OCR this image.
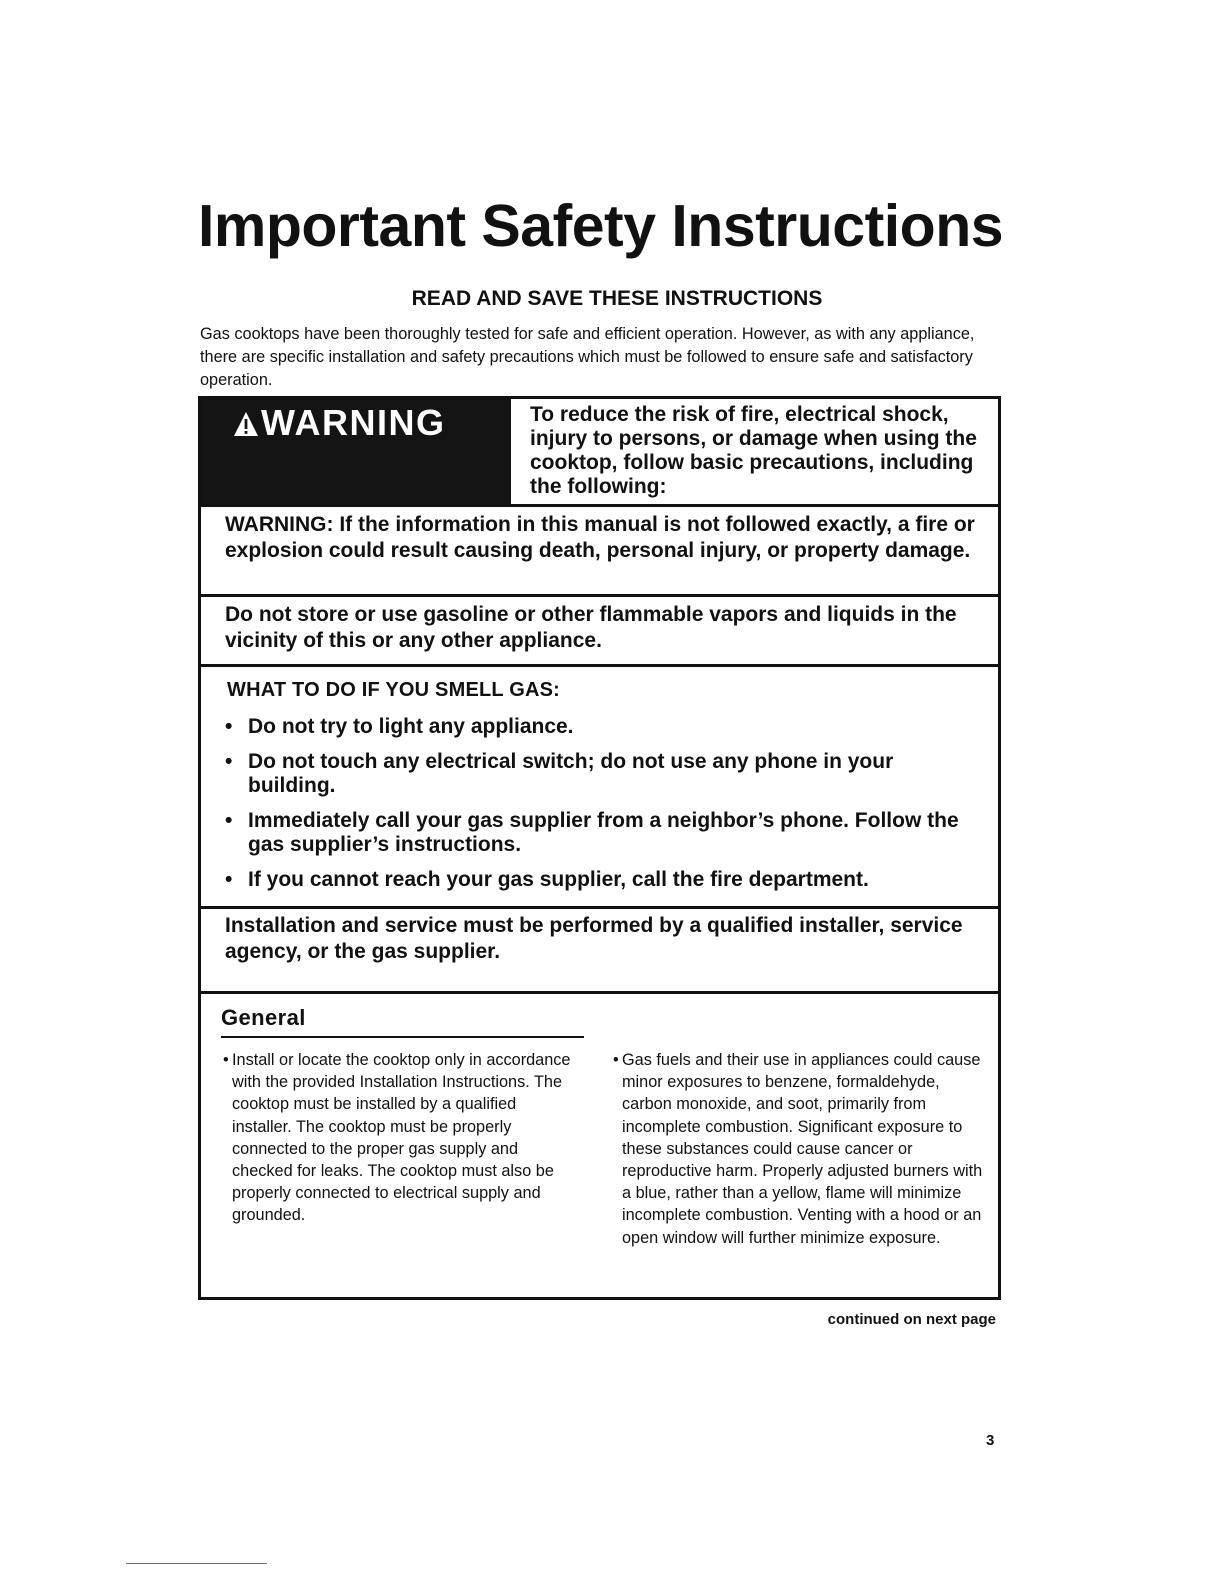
Important Safety Instructions
READ AND SAVE THESE INSTRUCTIONS

Gas cooktops have been thoroughly tested for safe and efficient operation. However, as with any appliance, there are specific installation and safety precautions which must be followed to ensure safe and satisfactory operation.

WARNING	To reduce the risk of fire, electrical shock, injury to persons, or damage when using the cooktop, follow basic precautions, including the following:

WARNING: If the information in this manual is not followed exactly, a fire or explosion could result causing death, personal injury, or property damage.

Do not store or use gasoline or other flammable vapors and liquids in the vicinity of this or any other appliance.

WHAT TO DO IF YOU SMELL GAS:

• Do not try to light any appliance.
• Do not touch any electrical switch; do not use any phone in your building.
• Immediately call your gas supplier from a neighbor’s phone. Follow the gas supplier’s instructions.
• If you cannot reach your gas supplier, call the fire department.

Installation and service must be performed by a qualified installer, service agency, or the gas supplier.

General
• Install or locate the cooktop only in accordance with the provided Installation Instructions. The cooktop must be installed by a qualified installer. The cooktop must be properly connected to the proper gas supply and checked for leaks. The cooktop must also be properly connected to electrical supply and grounded.
• Gas fuels and their use in appliances could cause minor exposures to benzene, formaldehyde, carbon monoxide, and soot, primarily from incomplete combustion. Significant exposure to these substances could cause cancer or reproductive harm. Properly adjusted burners with a blue, rather than a yellow, flame will minimize incomplete combustion. Venting with a hood or an open window will further minimize exposure.

continued on next page

3
